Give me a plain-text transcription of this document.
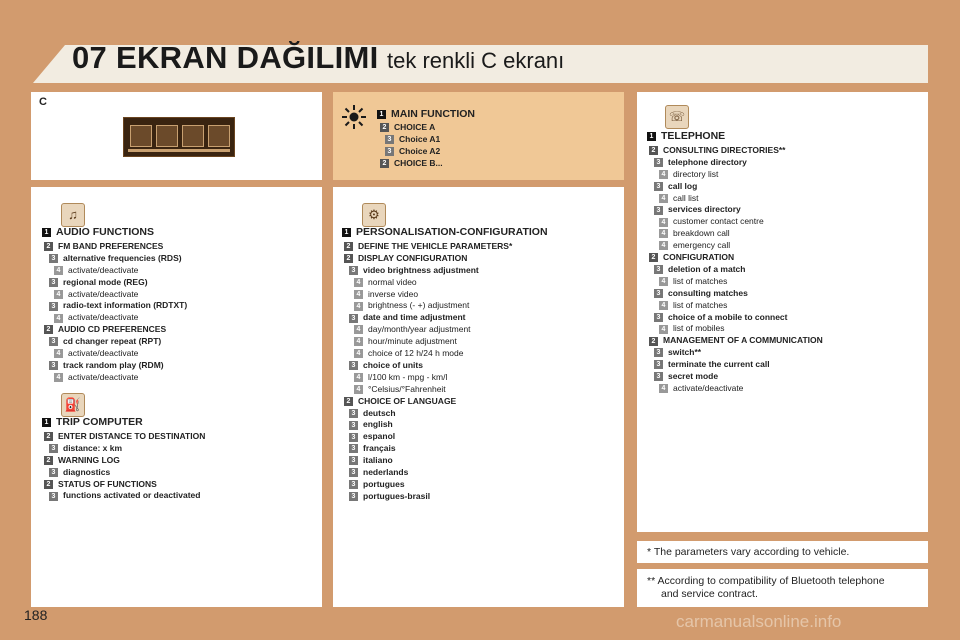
07 EKRAN DAĞILIMI tek renkli C ekranı
C
1 MAIN FUNCTION
2 CHOICE A
3 Choice A1
3 Choice A2
2 CHOICE B...
♫
⛽
⚙
☏
1 AUDIO FUNCTIONS
2 FM BAND PREFERENCES
3 alternative frequencies (RDS)
4 activate/deactivate
3 regional mode (REG)
4 activate/deactivate
3 radio-text information (RDTXT)
4 activate/deactivate
2 AUDIO CD PREFERENCES
3 cd changer repeat (RPT)
4 activate/deactivate
3 track random play (RDM)
4 activate/deactivate
1 TRIP COMPUTER
2 ENTER DISTANCE TO DESTINATION
3 distance: x km
2 WARNING LOG
3 diagnostics
2 STATUS OF FUNCTIONS
3 functions activated or deactivated
1 PERSONALISATION-CONFIGURATION
2 DEFINE THE VEHICLE PARAMETERS*
2 DISPLAY CONFIGURATION
3 video brightness adjustment
4 normal video
4 inverse video
4 brightness (- +) adjustment
3 date and time adjustment
4 day/month/year adjustment
4 hour/minute adjustment
4 choice of 12 h/24 h mode
3 choice of units
4 l/100 km - mpg - km/l
4 °Celsius/°Fahrenheit
2 CHOICE OF LANGUAGE
3 deutsch
3 english
3 espanol
3 français
3 italiano
3 nederlands
3 portugues
3 portugues-brasil
1 TELEPHONE
2 CONSULTING DIRECTORIES**
3 telephone directory
4 directory list
3 call log
4 call list
3 services directory
4 customer contact centre
4 breakdown call
4 emergency call
2 CONFIGURATION
3 deletion of a match
4 list of matches
3 consulting matches
4 list of matches
3 choice of a mobile to connect
4 list of mobiles
2 MANAGEMENT OF A COMMUNICATION
3 switch**
3 terminate the current call
3 secret mode
4 activate/deactivate
* The parameters vary according to vehicle.
** According to compatibility of Bluetooth telephone
and service contract.
188	carmanualsonline.info
